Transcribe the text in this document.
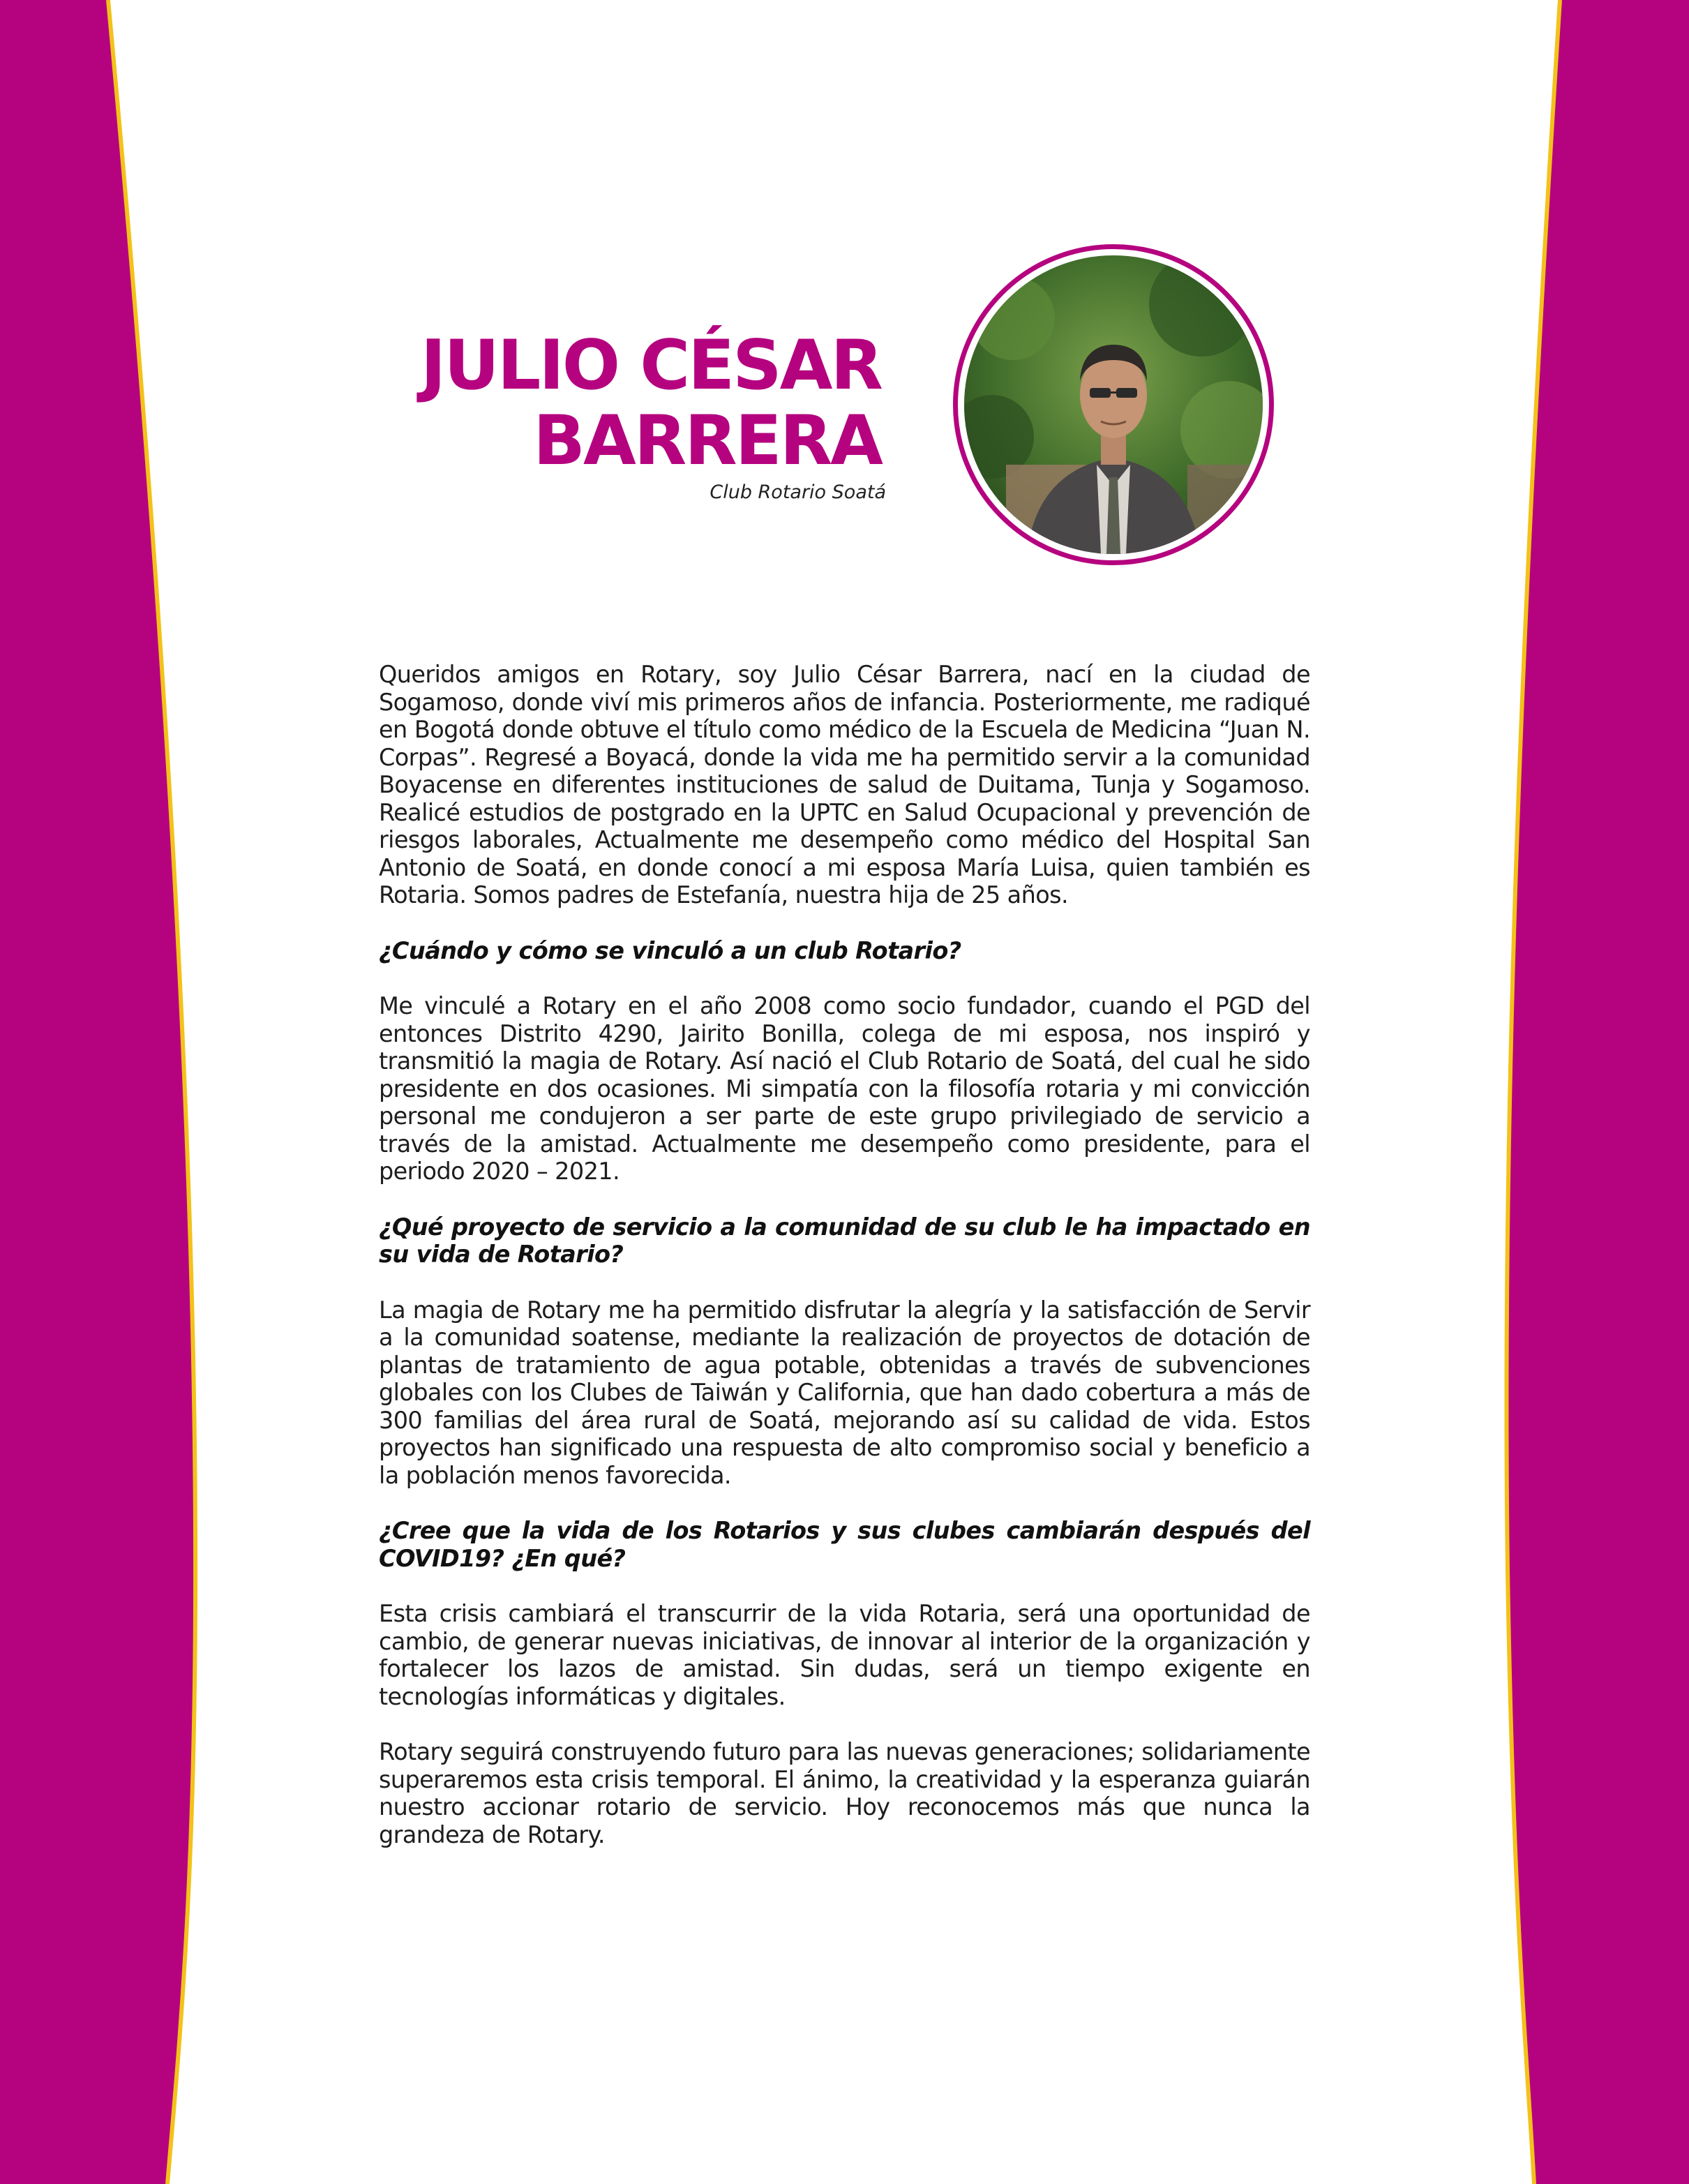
JULIO CÉSAR
BARRERA
Club Rotario Soatá

Queridos amigos en Rotary, soy Julio César Barrera, nací en la ciudad de Sogamoso, donde viví mis primeros años de infancia. Posteriormente, me radiqué en Bogotá donde obtuve el título como médico de la Escuela de Medicina “Juan N. Corpas”. Regresé a Boyacá, donde la vida me ha permitido servir a la comunidad Boyacense en diferentes instituciones de salud de Duitama, Tunja y Sogamoso. Realicé estudios de postgrado en la UPTC en Salud Ocupacional y prevención de riesgos laborales, Actualmente me desempeño como médico del Hospital San Antonio de Soatá, en donde conocí a mi esposa María Luisa, quien también es Rotaria. Somos padres de Estefanía, nuestra hija de 25 años.

¿Cuándo y cómo se vinculó a un club Rotario?

Me vinculé a Rotary en el año 2008 como socio fundador, cuando el PGD del entonces Distrito 4290, Jairito Bonilla, colega de mi esposa, nos inspiró y transmitió la magia de Rotary. Así nació el Club Rotario de Soatá, del cual he sido presidente en dos ocasiones. Mi simpatía con la filosofía rotaria y mi convicción personal me condujeron a ser parte de este grupo privilegiado de servicio a través de la amistad. Actualmente me desempeño como presidente, para el periodo 2020 – 2021.

¿Qué proyecto de servicio a la comunidad de su club le ha impactado en su vida de Rotario?

La magia de Rotary me ha permitido disfrutar la alegría y la satisfacción de Servir a la comunidad soatense, mediante la realización de proyectos de dotación de plantas de tratamiento de agua potable, obtenidas a través de subvenciones globales con los Clubes de Taiwán y California, que han dado cobertura a más de 300 familias del área rural de Soatá, mejorando así su calidad de vida. Estos proyectos han significado una respuesta de alto compromiso social y beneficio a la población menos favorecida.

¿Cree que la vida de los Rotarios y sus clubes cambiarán después del COVID19? ¿En qué?

Esta crisis cambiará el transcurrir de la vida Rotaria, será una oportunidad de cambio, de generar nuevas iniciativas, de innovar al interior de la organización y fortalecer los lazos de amistad. Sin dudas, será un tiempo exigente en tecnologías informáticas y digitales.

Rotary seguirá construyendo futuro para las nuevas generaciones; solidariamente superaremos esta crisis temporal. El ánimo, la creatividad y la esperanza guiarán nuestro accionar rotario de servicio. Hoy reconocemos más que nunca la grandeza de Rotary.
